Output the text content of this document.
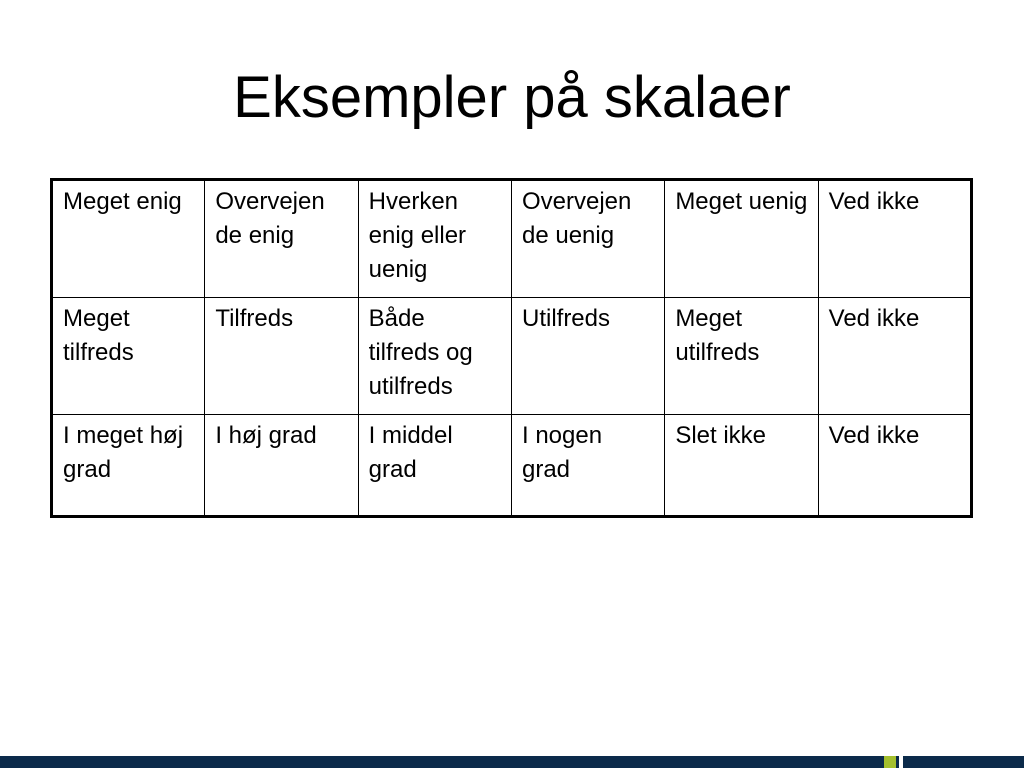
Eksempler på skalaer
Meget enig	Overvejen de enig	Hverken enig eller uenig	Overvejen de uenig	Meget uenig	Ved ikke
Meget tilfreds	Tilfreds	Både tilfreds og utilfreds	Utilfreds	Meget utilfreds	Ved ikke
I meget høj grad	I høj grad	I middel grad	I nogen grad	Slet ikke	Ved ikke
